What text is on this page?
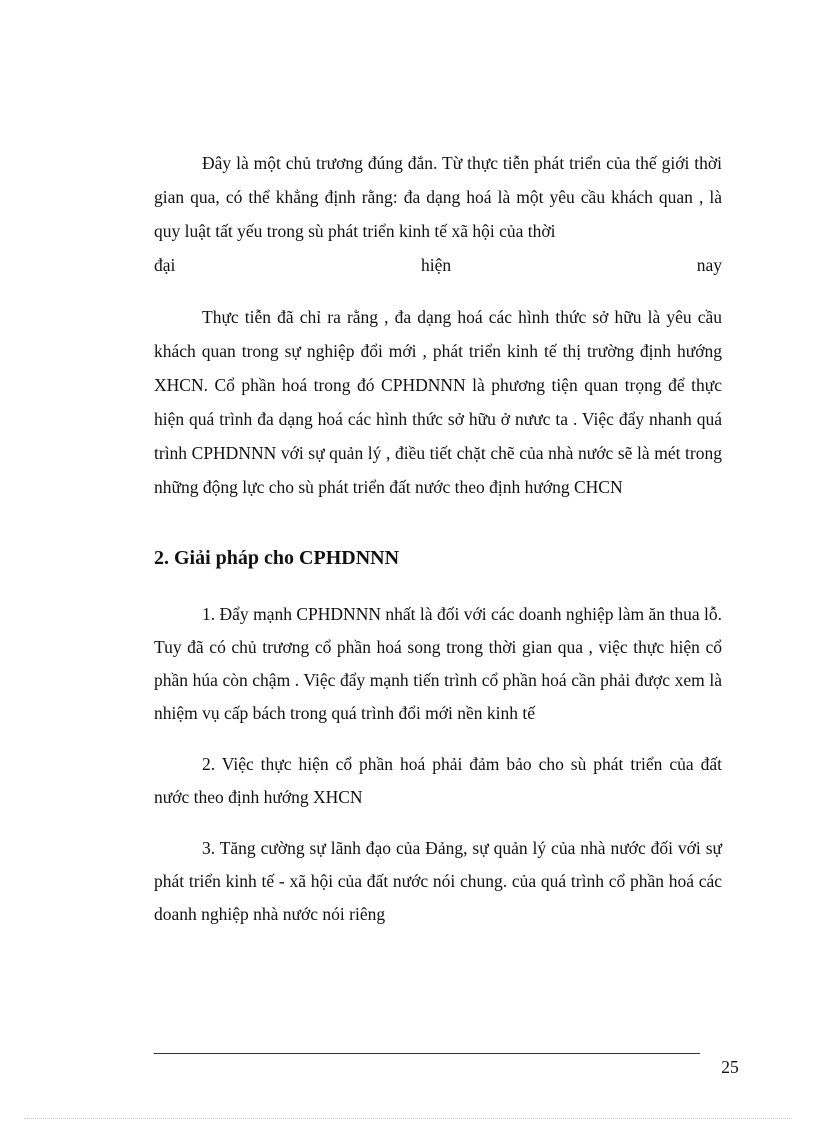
Đây là một chủ trương đúng đắn. Từ thực tiễn phát triển của thế giới thời gian qua, có thể khẳng định rằng: đa dạng hoá là một yêu cầu khách quan , là quy luật tất yếu trong sù phát triển kinh tế xã hội của thời

đại hiện nay

Thực tiễn đã chỉ ra rằng , đa dạng hoá các hình thức sở hữu là yêu cầu khách quan trong sự nghiệp đổi mới , phát triển kinh tế thị trường định hướng XHCN. Cổ phần hoá trong đó CPHDNNN là phương tiện quan trọng để thực hiện quá trình đa dạng hoá các hình thức sở hữu ở nưưc ta . Việc đẩy nhanh quá trình CPHDNNN với sự quản lý , điều tiết chặt chẽ của nhà nước sẽ là mét trong những động lực cho sù phát triển đất nước theo định hướng CHCN

2. Giải pháp cho CPHDNNN

1. Đẩy mạnh CPHDNNN nhất là đối với các doanh nghiệp làm ăn thua lỗ. Tuy đã có chủ trương cổ phần hoá song trong thời gian qua , việc thực hiện cổ phần húa còn chậm . Việc đẩy mạnh tiến trình cổ phần hoá cần phải được xem là nhiệm vụ cấp bách trong quá trình đổi mới nền kinh tế

2. Việc thực hiện cổ phần hoá phải đảm bảo cho sù phát triển của đất nước theo định hướng XHCN

3. Tăng cường sự lãnh đạo của Đảng, sự quản lý của nhà nước đối với sự phát triển kinh tế - xã hội của đất nước nói chung. của quá trình cổ phần hoá các doanh nghiệp nhà nước nói riêng

25
